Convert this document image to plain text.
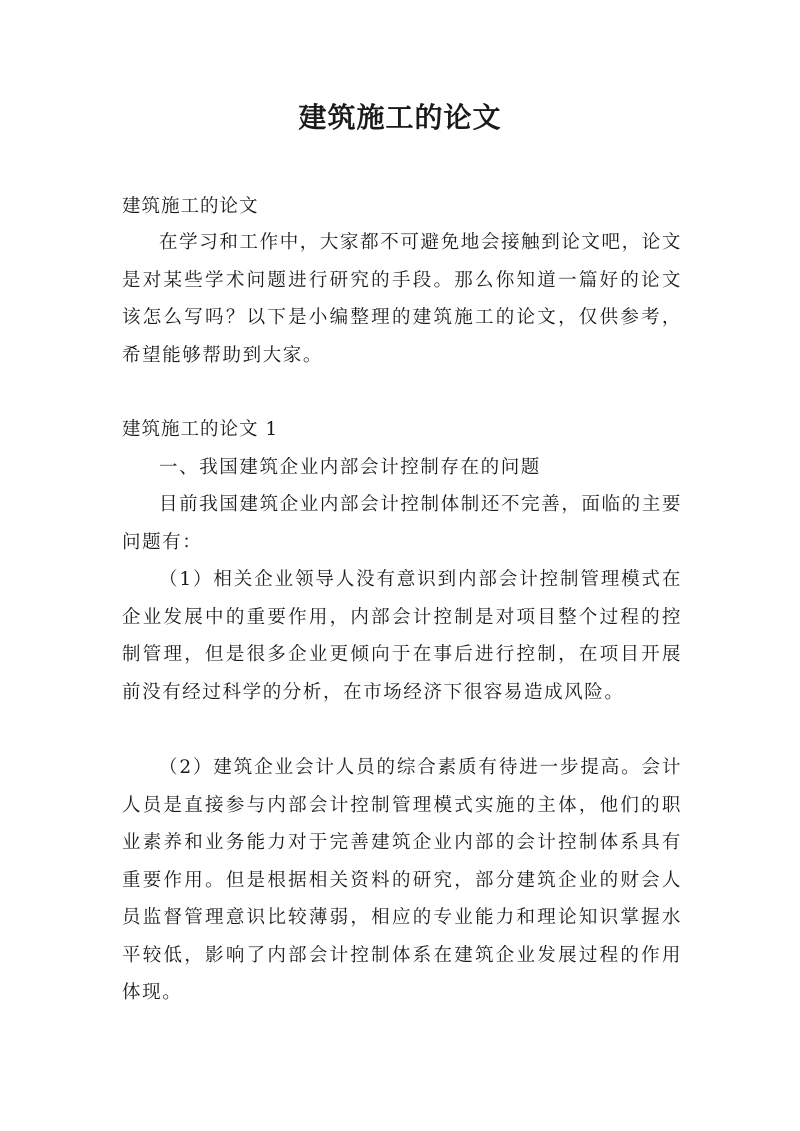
建筑施工的论文
建筑施工的论文
在学习和工作中，大家都不可避免地会接触到论文吧，论文是对某些学术问题进行研究的手段。那么你知道一篇好的论文该怎么写吗？以下是小编整理的建筑施工的论文，仅供参考，希望能够帮助到大家。
建筑施工的论文 1
一、我国建筑企业内部会计控制存在的问题
目前我国建筑企业内部会计控制体制还不完善，面临的主要问题有：
（1）相关企业领导人没有意识到内部会计控制管理模式在企业发展中的重要作用，内部会计控制是对项目整个过程的控制管理，但是很多企业更倾向于在事后进行控制，在项目开展前没有经过科学的分析，在市场经济下很容易造成风险。
（2）建筑企业会计人员的综合素质有待进一步提高。会计人员是直接参与内部会计控制管理模式实施的主体，他们的职业素养和业务能力对于完善建筑企业内部的会计控制体系具有重要作用。但是根据相关资料的研究，部分建筑企业的财会人员监督管理意识比较薄弱，相应的专业能力和理论知识掌握水平较低，影响了内部会计控制体系在建筑企业发展过程的作用体现。
